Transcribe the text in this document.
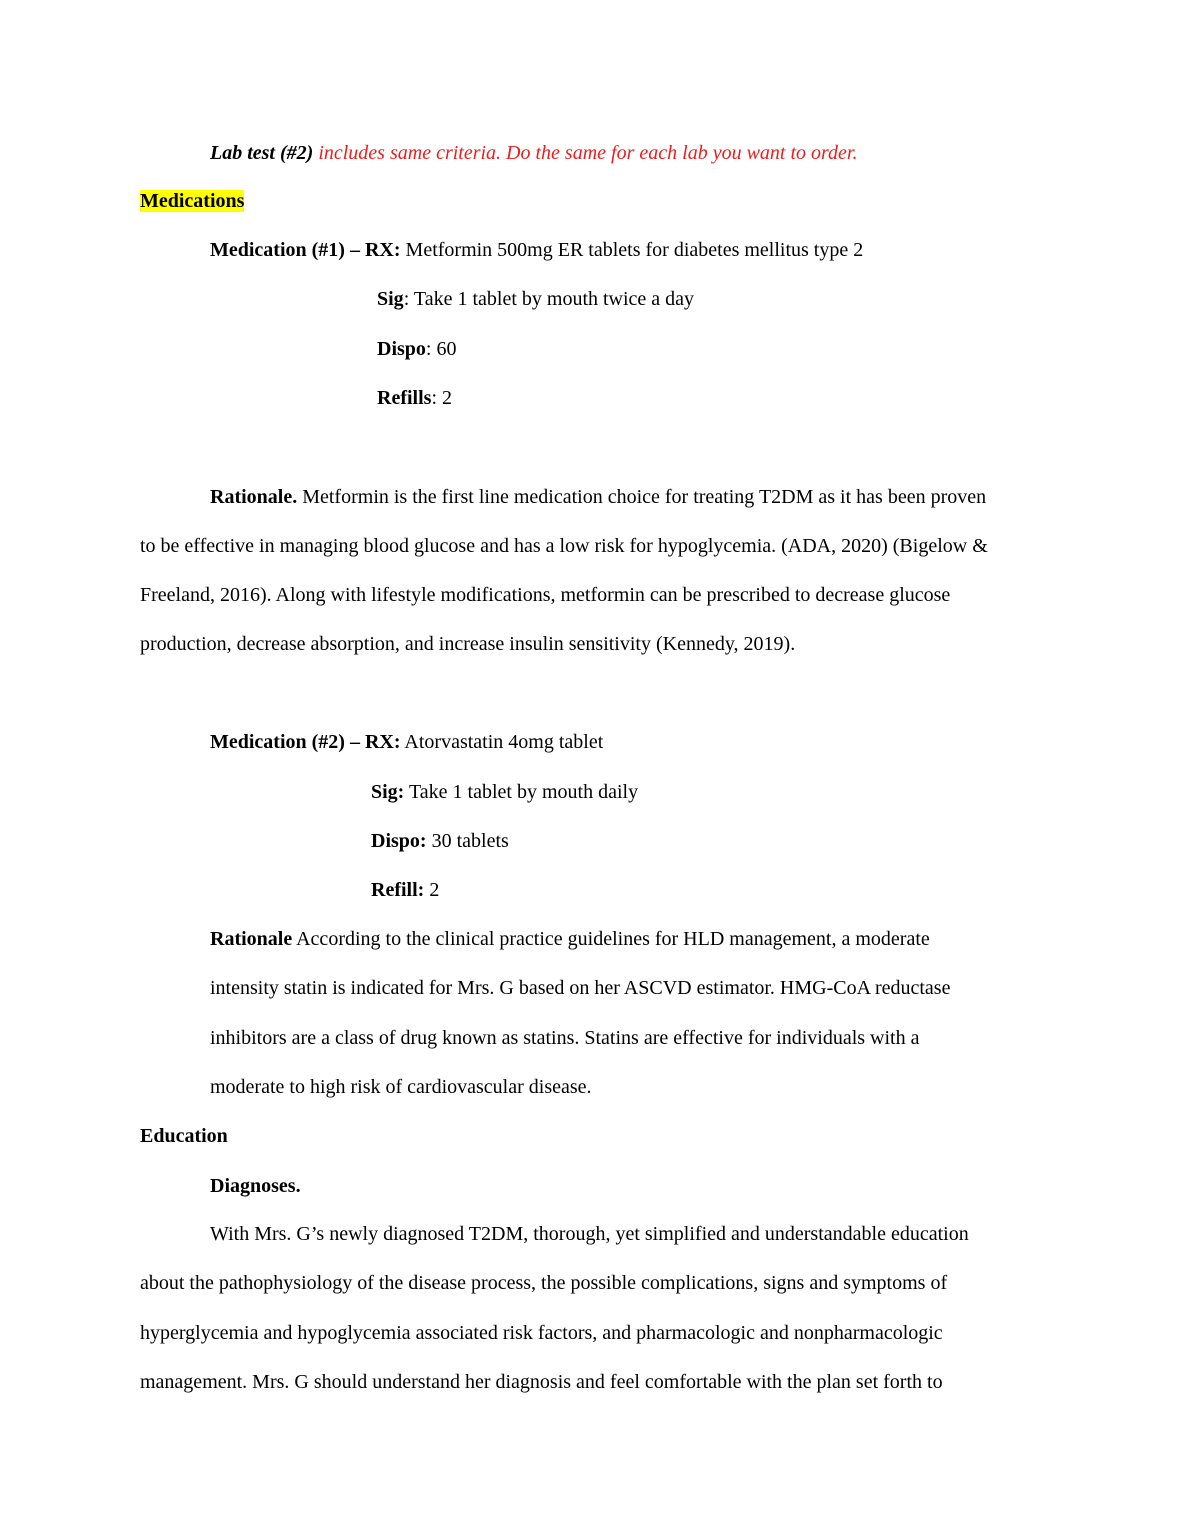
Lab test (#2) includes same criteria. Do the same for each lab you want to order.
Medications
Medication (#1) – RX: Metformin 500mg ER tablets for diabetes mellitus type 2
Sig: Take 1 tablet by mouth twice a day
Dispo: 60
Refills: 2
Rationale. Metformin is the first line medication choice for treating T2DM as it has been proven
to be effective in managing blood glucose and has a low risk for hypoglycemia. (ADA, 2020) (Bigelow &
Freeland, 2016). Along with lifestyle modifications, metformin can be prescribed to decrease glucose
production, decrease absorption, and increase insulin sensitivity (Kennedy, 2019).
Medication (#2) – RX: Atorvastatin 4omg tablet
Sig: Take 1 tablet by mouth daily
Dispo: 30 tablets
Refill: 2
Rationale According to the clinical practice guidelines for HLD management, a moderate
intensity statin is indicated for Mrs. G based on her ASCVD estimator. HMG-CoA reductase
inhibitors are a class of drug known as statins. Statins are effective for individuals with a
moderate to high risk of cardiovascular disease.
Education
Diagnoses.
With Mrs. G’s newly diagnosed T2DM, thorough, yet simplified and understandable education
about the pathophysiology of the disease process, the possible complications, signs and symptoms of
hyperglycemia and hypoglycemia associated risk factors, and pharmacologic and nonpharmacologic
management. Mrs. G should understand her diagnosis and feel comfortable with the plan set forth to
